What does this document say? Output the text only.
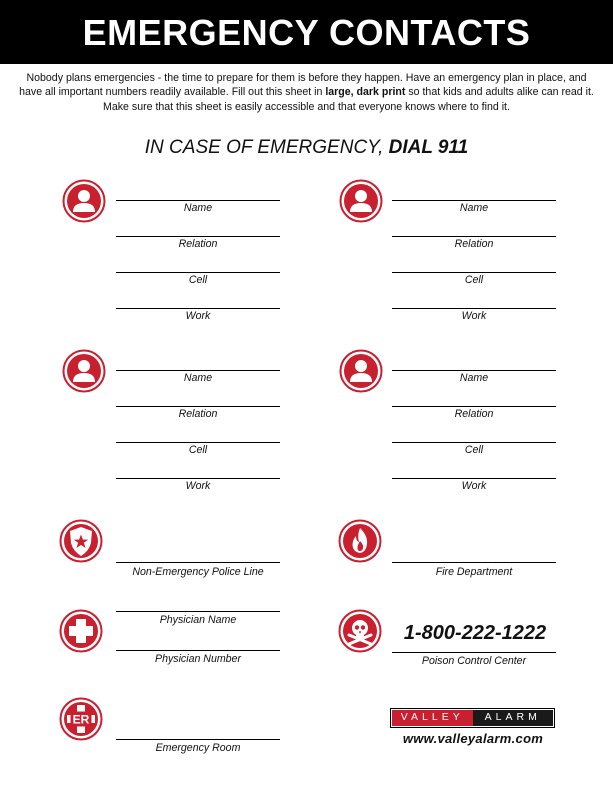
EMERGENCY CONTACTS
Nobody plans emergencies - the time to prepare for them is before they happen. Have an emergency plan in place, and have all important numbers readily available. Fill out this sheet in large, dark print so that kids and adults alike can read it. Make sure that this sheet is easily accessible and that everyone knows where to find it.
IN CASE OF EMERGENCY, DIAL 911
Name
Relation
Cell
Work
Name
Relation
Cell
Work
Name
Relation
Cell
Work
Name
Relation
Cell
Work
Non-Emergency Police Line	Fire Department
Physician Name
Physician Number
1-800-222-1222
Poison Control Center
ER
Emergency Room
VALLEY	ALARM
www.valleyalarm.com
